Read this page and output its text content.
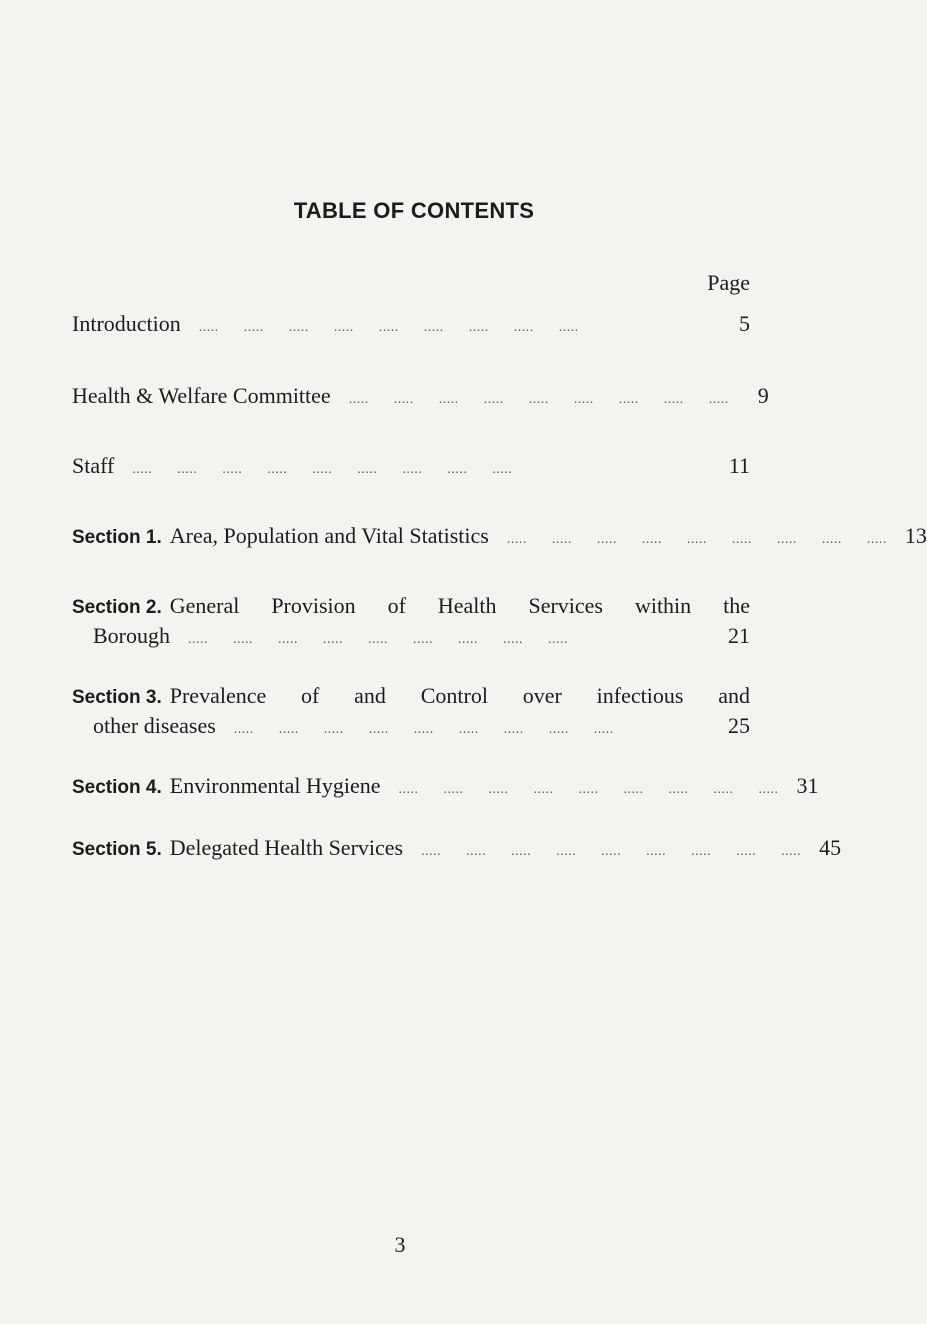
TABLE OF CONTENTS
Page
Introduction ..... ..... ..... ..... ..... ..... ..... ..... .....	5
Health & Welfare Committee ..... ..... ..... ..... ..... ..... ..... ..... .....	9
Staff ..... ..... ..... ..... ..... ..... ..... ..... .....	11
Section 1. Area, Population and Vital Statistics ..... ..... ..... ..... ..... ..... ..... ..... ..... 13
Section 2. General Provision of Health Services within the
Borough ..... ..... ..... ..... ..... ..... ..... ..... .....	21
Section 3. Prevalence of and Control over infectious and
other diseases ..... ..... ..... ..... ..... ..... ..... ..... .....	25
Section 4. Environmental Hygiene ..... ..... ..... ..... ..... ..... ..... ..... ..... 31
Section 5. Delegated Health Services ..... ..... ..... ..... ..... ..... ..... ..... ..... 45
3
